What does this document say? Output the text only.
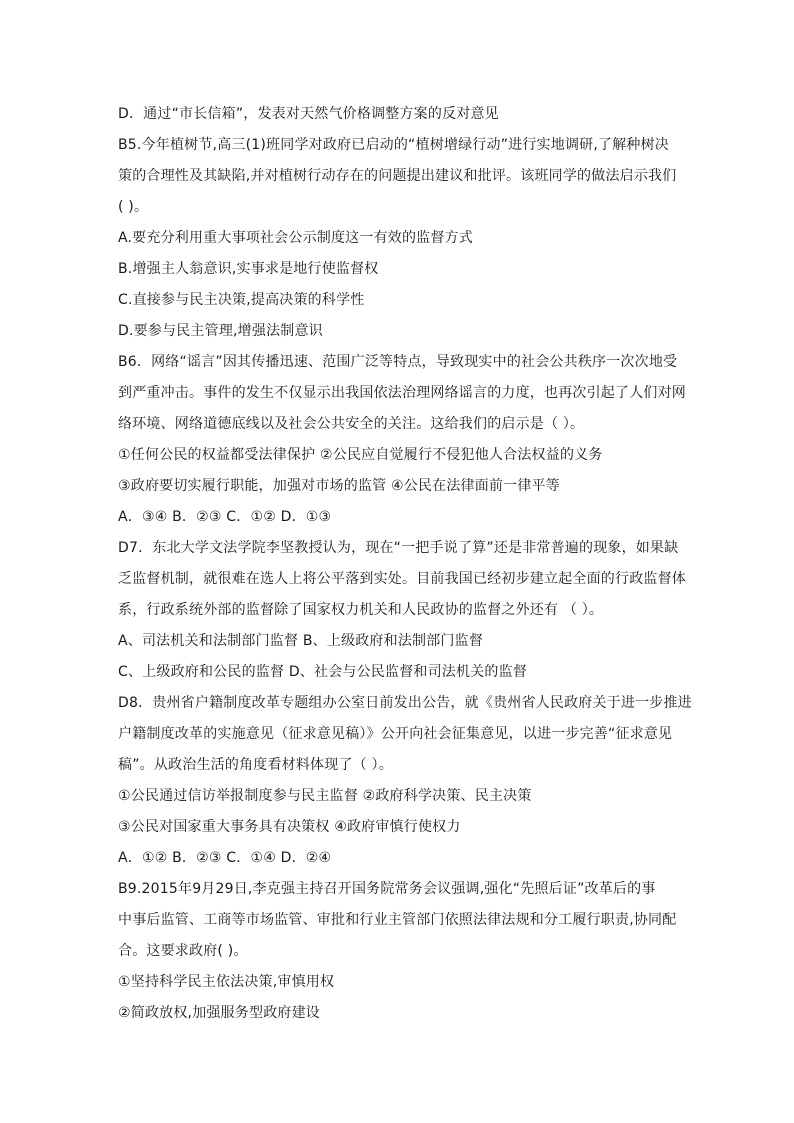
D．通过“市长信箱”，发表对天然气价格调整方案的反对意见
B5.今年植树节,高三(1)班同学对政府已启动的“植树增绿行动”进行实地调研,了解种树决
策的合理性及其缺陷,并对植树行动存在的问题提出建议和批评。该班同学的做法启示我们
( )。
A.要充分利用重大事项社会公示制度这一有效的监督方式
B.增强主人翁意识,实事求是地行使监督权
C.直接参与民主决策,提高决策的科学性
D.要参与民主管理,增强法制意识
B6．网络“谣言”因其传播迅速、范围广泛等特点，导致现实中的社会公共秩序一次次地受
到严重冲击。事件的发生不仅显示出我国依法治理网络谣言的力度，也再次引起了人们对网
络环境、网络道德底线以及社会公共安全的关注。这给我们的启示是（ ）。
①任何公民的权益都受法律保护 ②公民应自觉履行不侵犯他人合法权益的义务
③政府要切实履行职能，加强对市场的监管 ④公民在法律面前一律平等
A．③④ B．②③ C．①② D．①③
D7．东北大学文法学院李坚教授认为，现在“一把手说了算”还是非常普遍的现象，如果缺
乏监督机制，就很难在选人上将公平落到实处。目前我国已经初步建立起全面的行政监督体
系，行政系统外部的监督除了国家权力机关和人民政协的监督之外还有 （ ）。
A、司法机关和法制部门监督 B、上级政府和法制部门监督
C、上级政府和公民的监督 D、社会与公民监督和司法机关的监督
D8．贵州省户籍制度改革专题组办公室日前发出公告，就《贵州省人民政府关于进一步推进
户籍制度改革的实施意见（征求意见稿）》公开向社会征集意见，以进一步完善“征求意见
稿”。从政治生活的角度看材料体现了（ ）。
①公民通过信访举报制度参与民主监督 ②政府科学决策、民主决策
③公民对国家重大事务具有决策权 ④政府审慎行使权力
A．①② B．②③ C．①④ D．②④
B9.2015年9月29日,李克强主持召开国务院常务会议强调,强化“先照后证”改革后的事
中事后监管、工商等市场监管、审批和行业主管部门依照法律法规和分工履行职责,协同配
合。这要求政府( )。
①坚持科学民主依法决策,审慎用权
②简政放权,加强服务型政府建设
